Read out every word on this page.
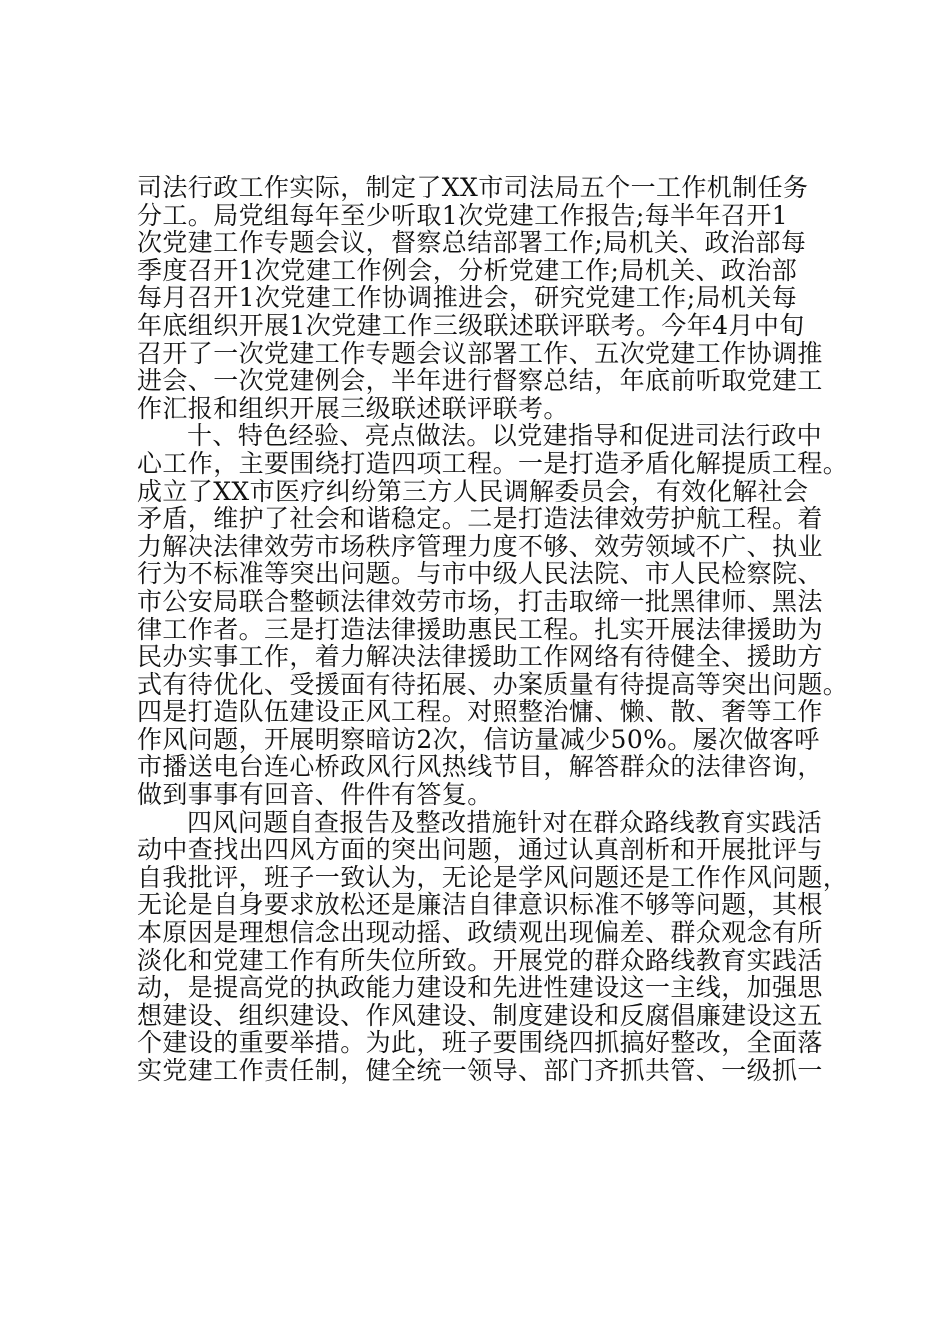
司法行政工作实际，制定了XX市司法局五个一工作机制任务
分工。局党组每年至少听取1次党建工作报告;每半年召开1
次党建工作专题会议，督察总结部署工作;局机关、政治部每
季度召开1次党建工作例会，分析党建工作;局机关、政治部
每月召开1次党建工作协调推进会，研究党建工作;局机关每
年底组织开展1次党建工作三级联述联评联考。今年4月中旬
召开了一次党建工作专题会议部署工作、五次党建工作协调推
进会、一次党建例会，半年进行督察总结，年底前听取党建工
作汇报和组织开展三级联述联评联考。
十、特色经验、亮点做法。以党建指导和促进司法行政中
心工作，主要围绕打造四项工程。一是打造矛盾化解提质工程。
成立了XX市医疗纠纷第三方人民调解委员会，有效化解社会
矛盾，维护了社会和谐稳定。二是打造法律效劳护航工程。着
力解决法律效劳市场秩序管理力度不够、效劳领域不广、执业
行为不标准等突出问题。与市中级人民法院、市人民检察院、
市公安局联合整顿法律效劳市场，打击取缔一批黑律师、黑法
律工作者。三是打造法律援助惠民工程。扎实开展法律援助为
民办实事工作，着力解决法律援助工作网络有待健全、援助方
式有待优化、受援面有待拓展、办案质量有待提高等突出问题。
四是打造队伍建设正风工程。对照整治慵、懒、散、奢等工作
作风问题，开展明察暗访2次，信访量减少50%。屡次做客呼
市播送电台连心桥政风行风热线节目，解答群众的法律咨询，
做到事事有回音、件件有答复。
四风问题自查报告及整改措施针对在群众路线教育实践活
动中查找出四风方面的突出问题，通过认真剖析和开展批评与
自我批评，班子一致认为，无论是学风问题还是工作作风问题，
无论是自身要求放松还是廉洁自律意识标准不够等问题，其根
本原因是理想信念出现动摇、政绩观出现偏差、群众观念有所
淡化和党建工作有所失位所致。开展党的群众路线教育实践活
动，是提高党的执政能力建设和先进性建设这一主线，加强思
想建设、组织建设、作风建设、制度建设和反腐倡廉建设这五
个建设的重要举措。为此，班子要围绕四抓搞好整改，全面落
实党建工作责任制，健全统一领导、部门齐抓共管、一级抓一
